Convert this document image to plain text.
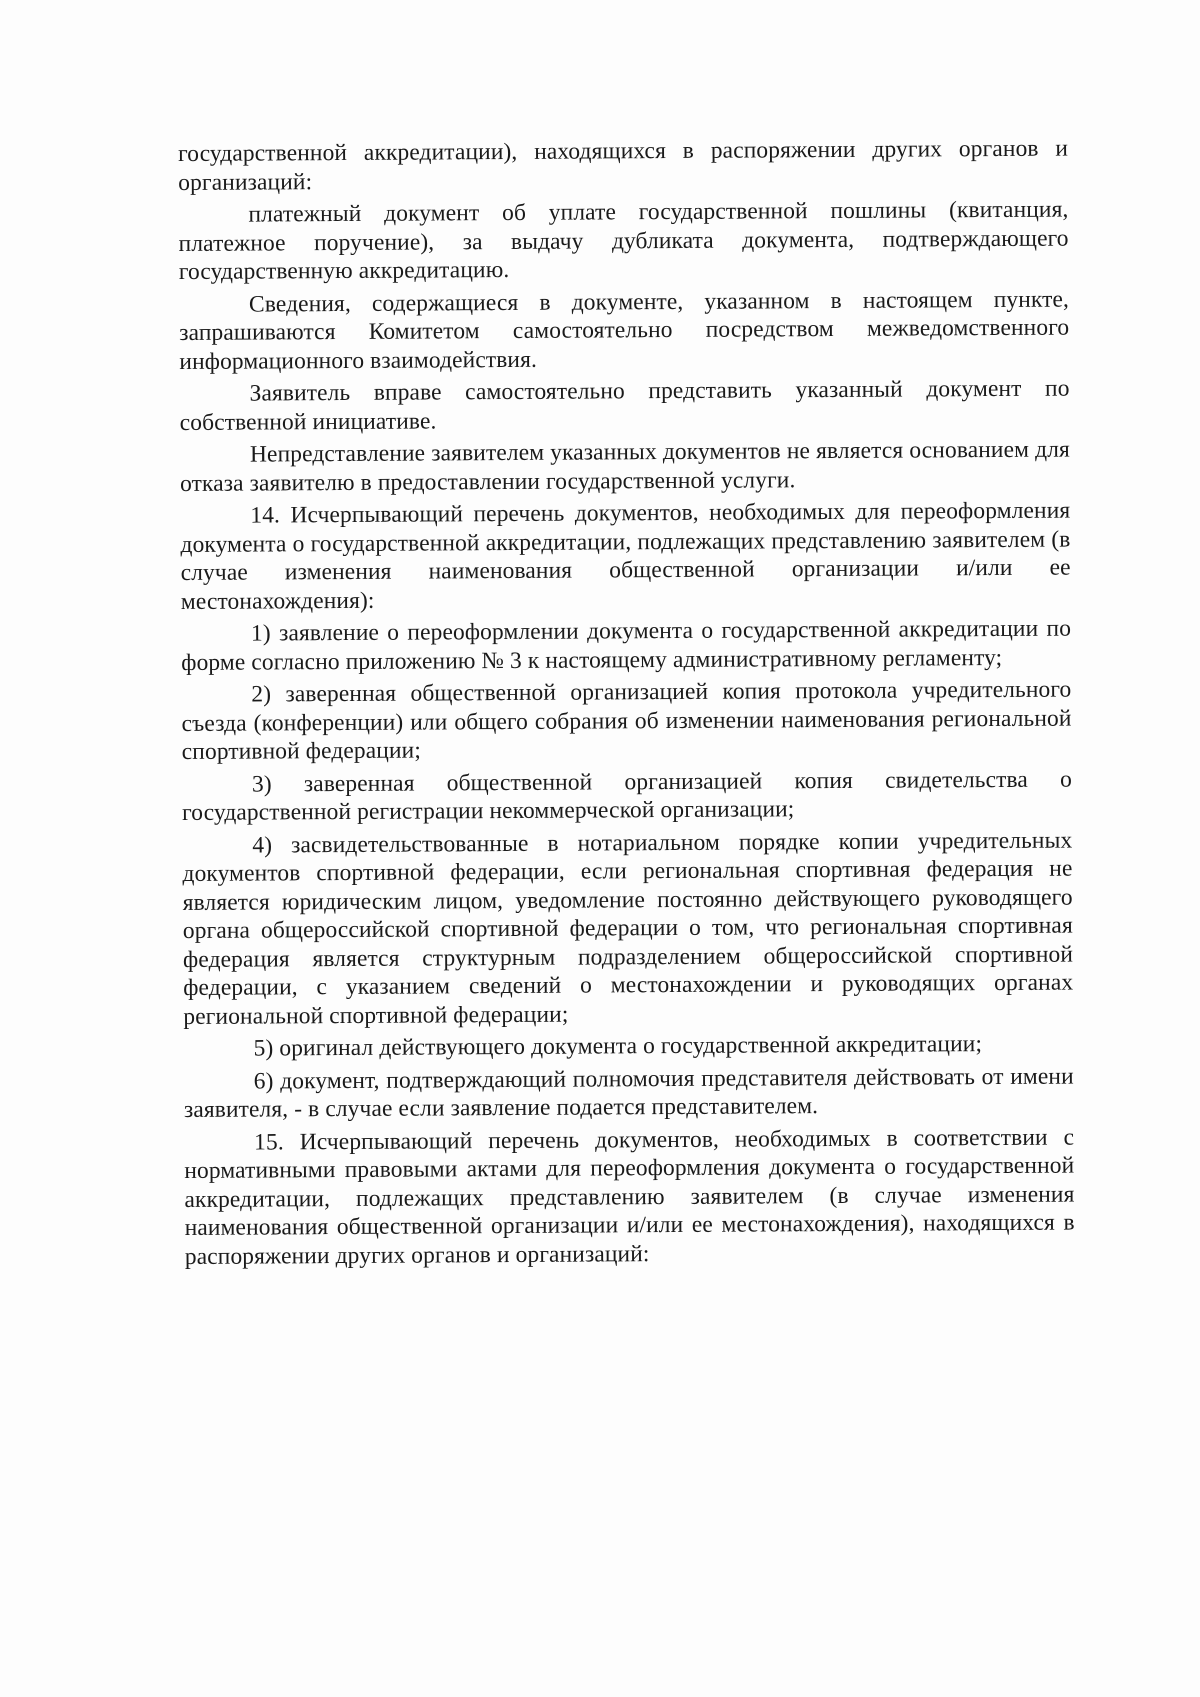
государственной аккредитации), находящихся в распоряжении других органов и организаций:

платежный документ об уплате государственной пошлины (квитанция, платежное поручение), за выдачу дубликата документа, подтверждающего государственную аккредитацию.

Сведения, содержащиеся в документе, указанном в настоящем пункте, запрашиваются Комитетом самостоятельно посредством межведомственного информационного взаимодействия.

Заявитель вправе самостоятельно представить указанный документ по собственной инициативе.

Непредставление заявителем указанных документов не является основанием для отказа заявителю в предоставлении государственной услуги.

14. Исчерпывающий перечень документов, необходимых для переоформления документа о государственной аккредитации, подлежащих представлению заявителем (в случае изменения наименования общественной организации и/или ее местонахождения):

1) заявление о переоформлении документа о государственной аккредитации по форме согласно приложению № 3 к настоящему административному регламенту;

2) заверенная общественной организацией копия протокола учредительного съезда (конференции) или общего собрания об изменении наименования региональной спортивной федерации;

3) заверенная общественной организацией копия свидетельства о государственной регистрации некоммерческой организации;

4) засвидетельствованные в нотариальном порядке копии учредительных документов спортивной федерации, если региональная спортивная федерация не является юридическим лицом, уведомление постоянно действующего руководящего органа общероссийской спортивной федерации о том, что региональная спортивная федерация является структурным подразделением общероссийской спортивной федерации, с указанием сведений о местонахождении и руководящих органах региональной спортивной федерации;

5) оригинал действующего документа о государственной аккредитации;

6) документ, подтверждающий полномочия представителя действовать от имени заявителя, - в случае если заявление подается представителем.

15. Исчерпывающий перечень документов, необходимых в соответствии с нормативными правовыми актами для переоформления документа о государственной аккредитации, подлежащих представлению заявителем (в случае изменения наименования общественной организации и/или ее местонахождения), находящихся в распоряжении других органов и организаций:
